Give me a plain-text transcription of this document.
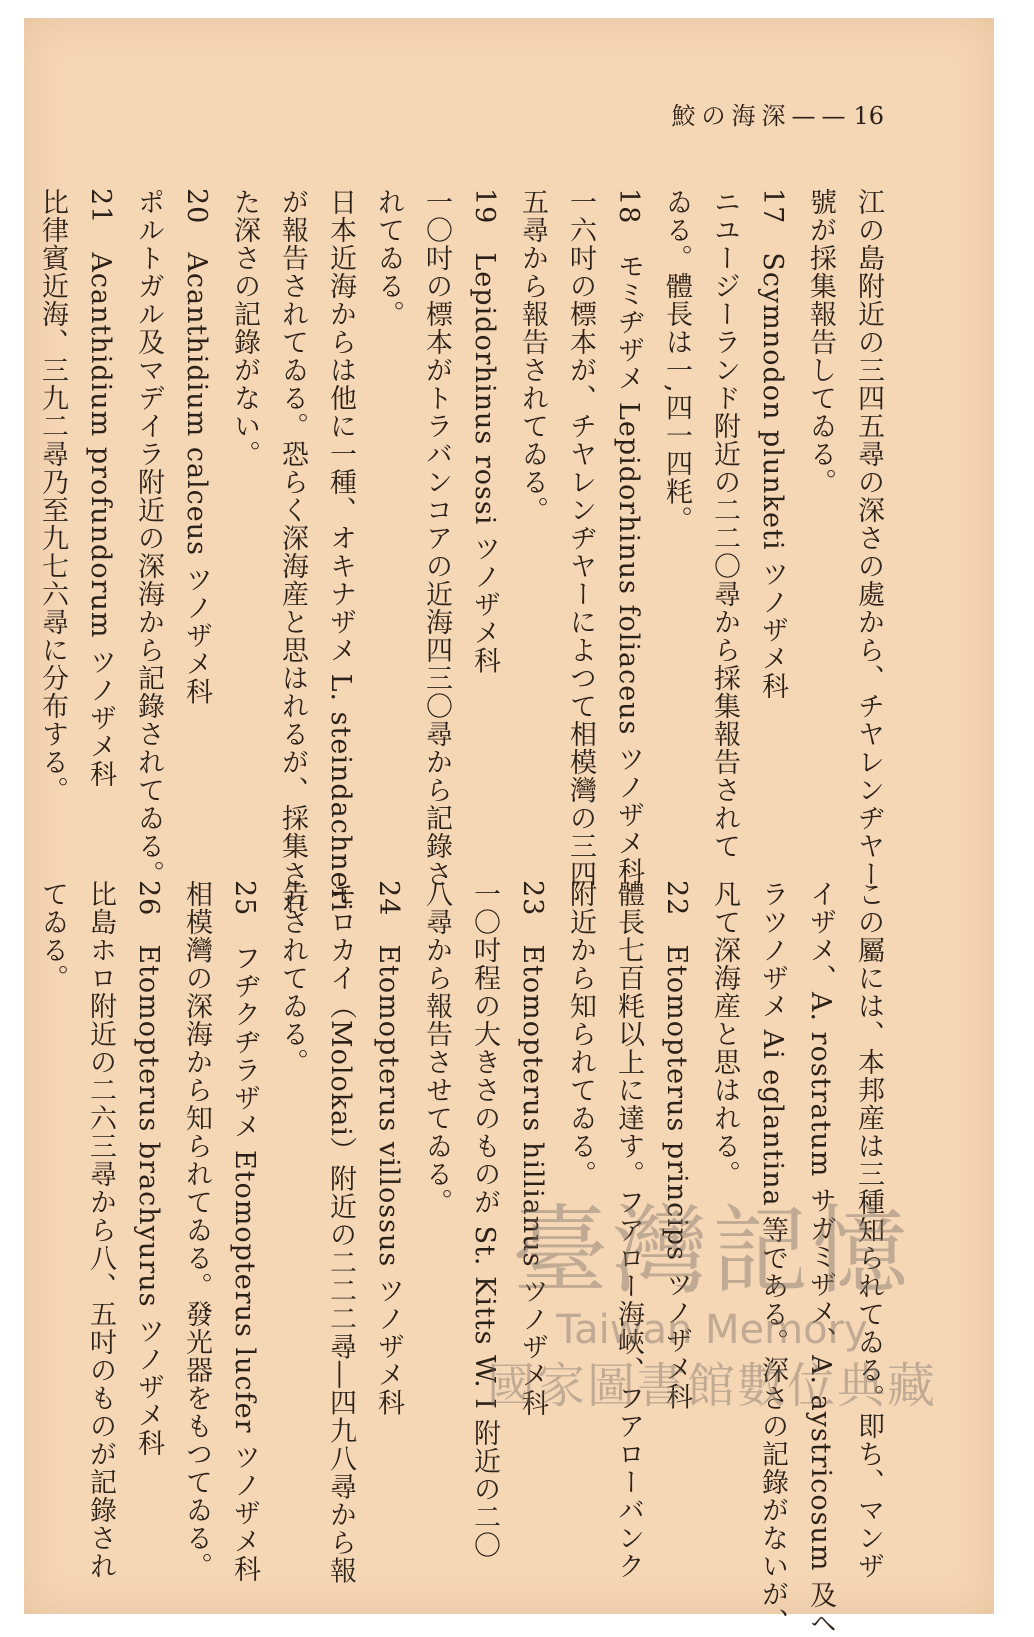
鮫の海深——16
江の島附近の三四五尋の深さの處から、チヤレンヂヤー
號が採集報告してゐる。
17　Scymnodon plunketi ツノザメ科
ニユージーランド附近の二二〇尋から採集報告されて
ゐる。體長は一,四一四粍。
18　モミヂザメ Lepidorhinus foliaceus ツノザメ科
一六吋の標本が、チヤレンヂヤーによつて相模灣の三四
五尋から報告されてゐる。
19　Lepidorhinus rossi ツノザメ科
一〇吋の標本がトラバンコアの近海四三〇尋から記錄さ
れてゐる。
日本近海からは他に一種、オキナザメ L. steindachneri
が報告されてゐる。恐らく深海産と思はれるが、採集され
た深さの記錄がない。
20　Acanthidium calceus ツノザメ科
ポルトガル及マデイラ附近の深海から記錄されてゐる。
21　Acanthidium profundorum ツノザメ科
比律賓近海、三九二尋乃至九七六尋に分布する。
この屬には、本邦産は三種知られてゐる。即ち、マンザ
イザメ、A. rostratum サガミザメ、A. aystricosum 及ヘ
ラツノザメ Ai eglantina 等である。深さの記錄がないが、
凡て深海産と思はれる。
22　Etomopterus princips ツノザメ科
體長七百粍以上に達す。フアロー海峽、フアローバンク
附近から知られてゐる。
23　Etomopterus hillianus ツノザメ科
一〇吋程の大きさのものが St. Kitts W. I 附近の二〇
八尋から報告させてゐる。
24　Etomopterus villossus ツノザメ科
モロカイ（Molokai）附近の二二二尋―四九八尋から報
告されてゐる。
25　フヂクヂラザメ Etomopterus lucfer ツノザメ科
相模灣の深海から知られてゐる。發光器をもつてゐる。
26　Etomopterus brachyurus ツノザメ科
比島ホロ附近の二六三尋から八、五吋のものが記錄され
てゐる。
臺灣記憶
Taiwan Memory
國家圖書館數位典藏
